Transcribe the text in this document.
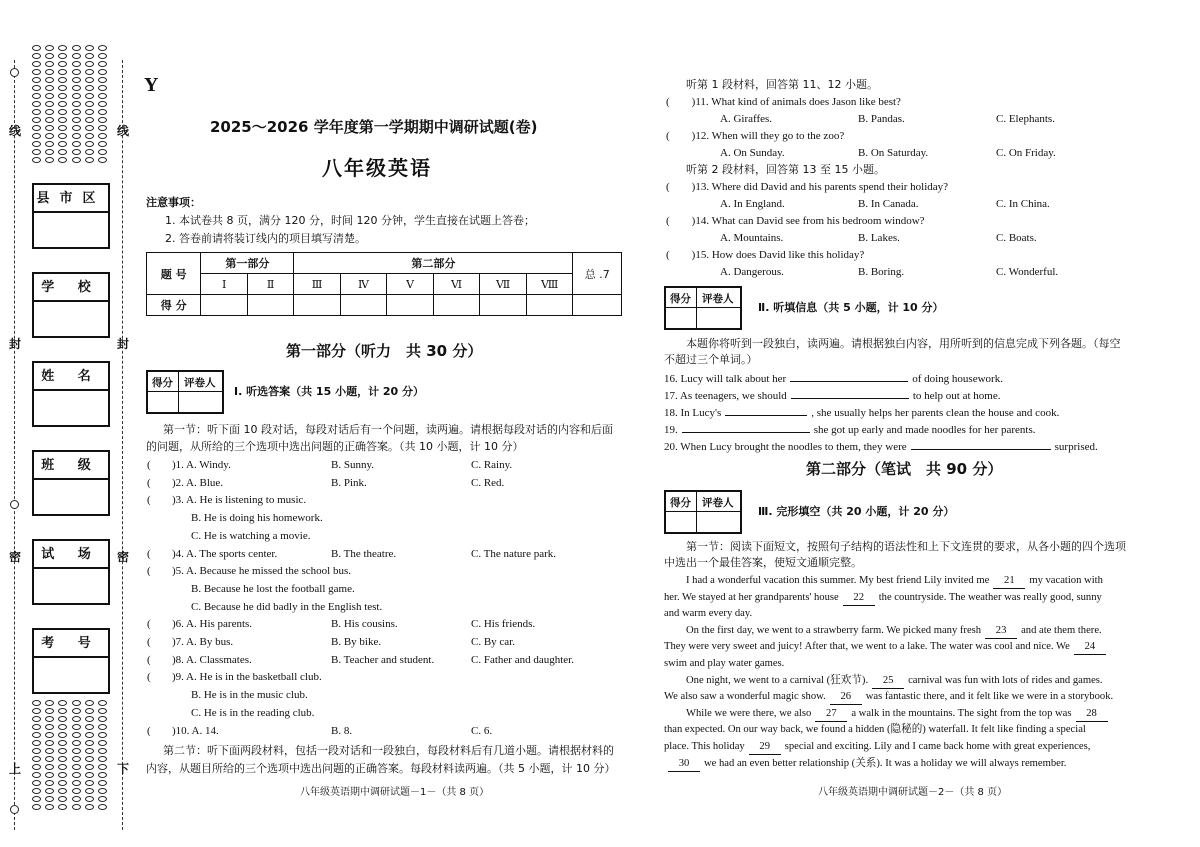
线
封
密
线
封
密
下
上
县市区
学 校
姓 名
班 级
试 场
考 号
Y
2025～2026 学年度第一学期期中调研试题(卷)
八年级英语
注意事项：
1. 本试卷共 8 页，满分 120 分，时间 120 分钟，学生直接在试题上答卷；
2. 答卷前请将装订线内的项目填写清楚。
题 号	第一部分		第二部分						总 .7
	Ⅰ	Ⅱ	Ⅲ	Ⅳ	Ⅴ	Ⅵ	Ⅶ	Ⅷ	
得 分									
第一部分（听力　共 30 分）
得分 评卷人
Ⅰ. 听选答案（共 15 小题，计 20 分）
第一节：听下面 10 段对话，每段对话后有一个问题，读两遍。请根据每段对话的内容和后面
的问题，从所给的三个选项中选出问题的正确答案。（共 10 小题，计 10 分）
( )1. A. Windy.	B. Sunny.	C. Rainy.
( )2. A. Blue.	B. Pink.	C. Red.
( )3. A. He is listening to music.
B. He is doing his homework.
C. He is watching a movie.
( )4. A. The sports center.	B. The theatre.	C. The nature park.
( )5. A. Because he missed the school bus.
B. Because he lost the football game.
C. Because he did badly in the English test.
( )6. A. His parents.	B. His cousins.	C. His friends.
( )7. A. By bus.	B. By bike.	C. By car.
( )8. A. Classmates.	B. Teacher and student.	C. Father and daughter.
( )9. A. He is in the basketball club.
B. He is in the music club.
C. He is in the reading club.
( )10. A. 14.	B. 8.	C. 6.
第二节：听下面两段材料，包括一段对话和一段独白，每段材料后有几道小题。请根据材料的
内容，从题目所给的三个选项中选出问题的正确答案。每段材料读两遍。（共 5 小题，计 10 分）
八年级英语期中调研试题－1－（共 8 页）
听第 1 段材料，回答第 11、12 小题。
(　　)11. What kind of animals does Jason like best?
A. Giraffes.	B. Pandas.	C. Elephants.
(　　)12. When will they go to the zoo?
A. On Sunday.	B. On Saturday.	C. On Friday.
听第 2 段材料，回答第 13 至 15 小题。
(　　)13. Where did David and his parents spend their holiday?
A. In England.	B. In Canada.	C. In China.
(　　)14. What can David see from his bedroom window?
A. Mountains.	B. Lakes.	C. Boats.
(　　)15. How does David like this holiday?
A. Dangerous.	B. Boring.	C. Wonderful.
得分 评卷人
Ⅱ. 听填信息（共 5 小题，计 10 分）
本题你将听到一段独白，读两遍。请根据独白内容，用所听到的信息完成下列各题。（每空
不超过三个单词。）
16. Lucy will talk about her	of doing housework.
17. As teenagers, we should	to help out at home.
18. In Lucy's	, she usually helps her parents clean the house and cook.
19.	she got up early and made noodles for her parents.
20. When Lucy brought the noodles to them, they were	surprised.
第二部分（笔试　共 90 分）
得分 评卷人
Ⅲ. 完形填空（共 20 小题，计 20 分）
第一节：阅读下面短文，按照句子结构的语法性和上下文连贯的要求，从各小题的四个选项
中选出一个最佳答案，使短文通顺完整。
I had a wonderful vacation this summer. My best friend Lily invited me 21 my vacation with
her. We stayed at her grandparents' house 22 the countryside. The weather was really good, sunny
and warm every day.
On the first day, we went to a strawberry farm. We picked many fresh 23 and ate them there.
They were very sweet and juicy! After that, we went to a lake. The water was cool and nice. We 24
swim and play water games.
One night, we went to a carnival (狂欢节). 25 carnival was fun with lots of rides and games.
We also saw a wonderful magic show. 26 was fantastic there, and it felt like we were in a storybook.
While we were there, we also 27 a walk in the mountains. The sight from the top was 28
than expected. On our way back, we found a hidden (隐秘的) waterfall. It felt like finding a special
place. This holiday 29 special and exciting. Lily and I came back home with great experiences,
30 we had an even better relationship (关系). It was a holiday we will always remember.
八年级英语期中调研试题－2－（共 8 页）
